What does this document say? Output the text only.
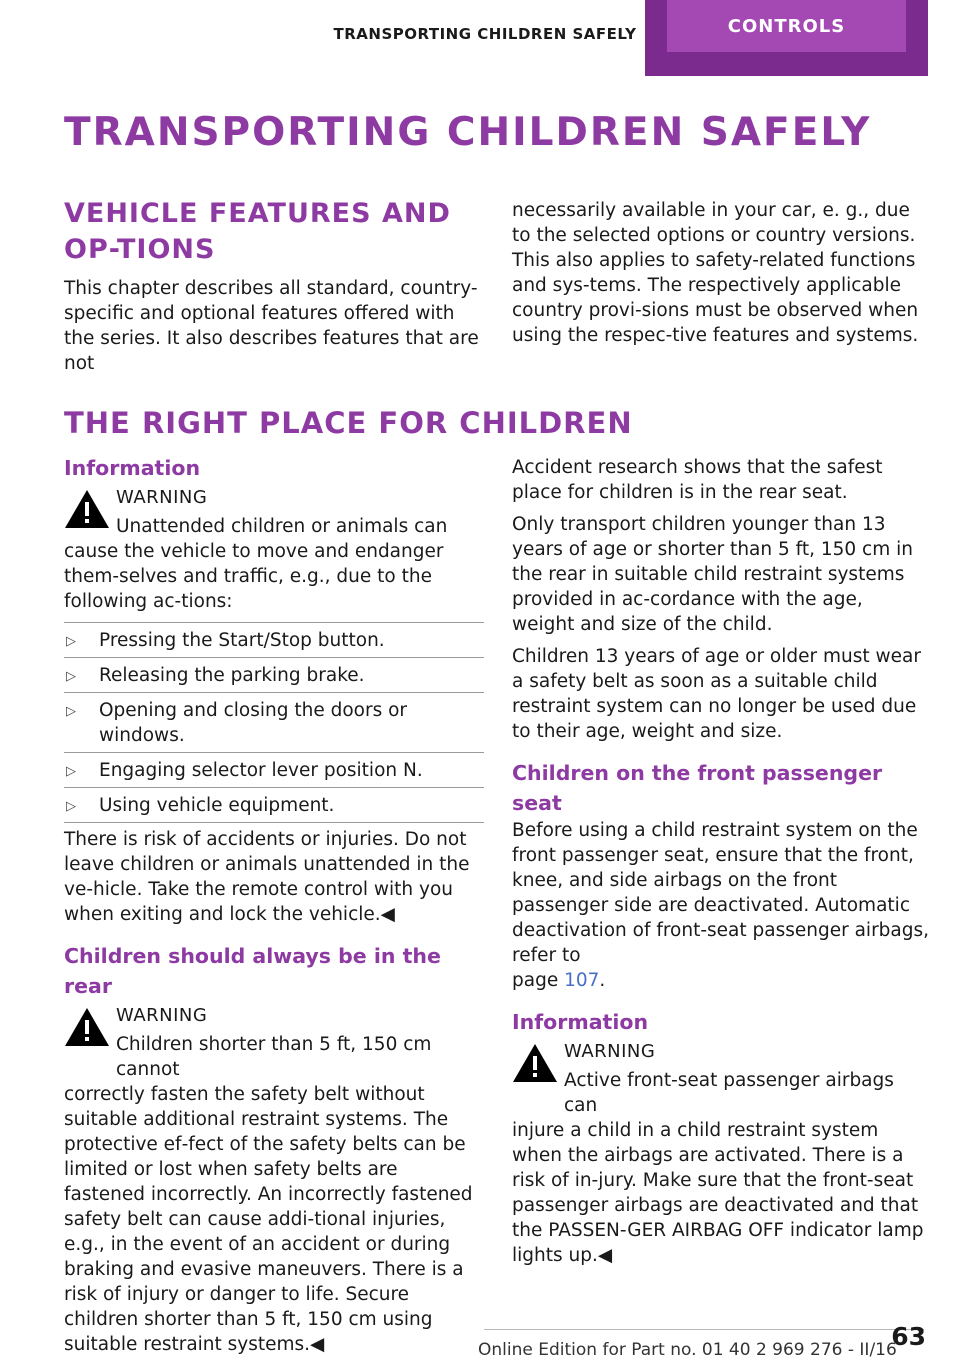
TRANSPORTING CHILDREN SAFELY	CONTROLS
TRANSPORTING CHILDREN SAFELY
VEHICLE FEATURES AND OP‐TIONS

This chapter describes all standard, country-specific and optional features offered with the series. It also describes features that are not

necessarily available in your car, e. g., due to the selected options or country versions. This also applies to safety-related functions and sys‐tems. The respectively applicable country provi‐sions must be observed when using the respec‐tive features and systems.

THE RIGHT PLACE FOR CHILDREN
Information
WARNING
Unattended children or animals can
cause the vehicle to move and endanger them‐selves and traffic, e.g., due to the following ac‐tions:
▷ Pressing the Start/Stop button.
▷ Releasing the parking brake.
▷ Opening and closing the doors or windows.
▷ Engaging selector lever position N.
▷ Using vehicle equipment.

There is risk of accidents or injuries. Do not leave children or animals unattended in the ve‐hicle. Take the remote control with you when exiting and lock the vehicle.◀

Children should always be in the rear
WARNING
Children shorter than 5 ft, 150 cm cannot
correctly fasten the safety belt without suitable additional restraint systems. The protective ef‐fect of the safety belts can be limited or lost when safety belts are fastened incorrectly. An incorrectly fastened safety belt can cause addi‐tional injuries, e.g., in the event of an accident or during braking and evasive maneuvers. There is a risk of injury or danger to life. Secure children shorter than 5 ft, 150 cm using suitable restraint systems.◀

Accident research shows that the safest place for children is in the rear seat.

Only transport children younger than 13 years of age or shorter than 5 ft, 150 cm in the rear in suitable child restraint systems provided in ac‐cordance with the age, weight and size of the child.

Children 13 years of age or older must wear a safety belt as soon as a suitable child restraint system can no longer be used due to their age, weight and size.

Children on the front passenger seat

Before using a child restraint system on the front passenger seat, ensure that the front, knee, and side airbags on the front passenger side are deactivated. Automatic deactivation of front-seat passenger airbags, refer to
page 107.

Information
WARNING
Active front-seat passenger airbags can
injure a child in a child restraint system when the airbags are activated. There is a risk of in‐jury. Make sure that the front-seat passenger airbags are deactivated and that the PASSEN‐GER AIRBAG OFF indicator lamp lights up.◀
Online Edition for Part no. 01 40 2 969 276 - II/16
63
